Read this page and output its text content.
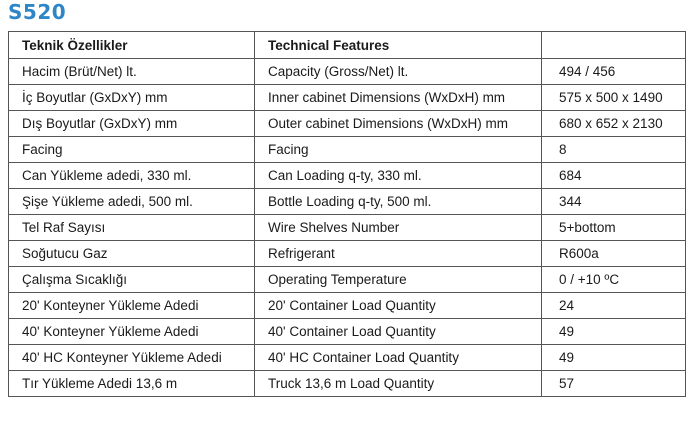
S520
Teknik Özellikler	Technical Features	
Hacim (Brüt/Net) lt.	Capacity (Gross/Net) lt.	494 / 456
İç Boyutlar (GxDxY) mm	Inner cabinet Dimensions (WxDxH) mm	575 x 500 x 1490
Dış Boyutlar (GxDxY) mm	Outer cabinet Dimensions (WxDxH) mm	680 x 652 x 2130
Facing	Facing	8
Can Yükleme adedi, 330 ml.	Can Loading q-ty, 330 ml.	684
Şişe Yükleme adedi, 500 ml.	Bottle Loading q-ty, 500 ml.	344
Tel Raf Sayısı	Wire Shelves Number	5+bottom
Soğutucu Gaz	Refrigerant	R600a
Çalışma Sıcaklığı	Operating Temperature	0 / +10 ºC
20' Konteyner Yükleme Adedi	20' Container Load Quantity	24
40' Konteyner Yükleme Adedi	40' Container Load Quantity	49
40' HC Konteyner Yükleme Adedi	40' HC Container Load Quantity	49
Tır Yükleme Adedi 13,6 m	Truck 13,6 m Load Quantity	57
